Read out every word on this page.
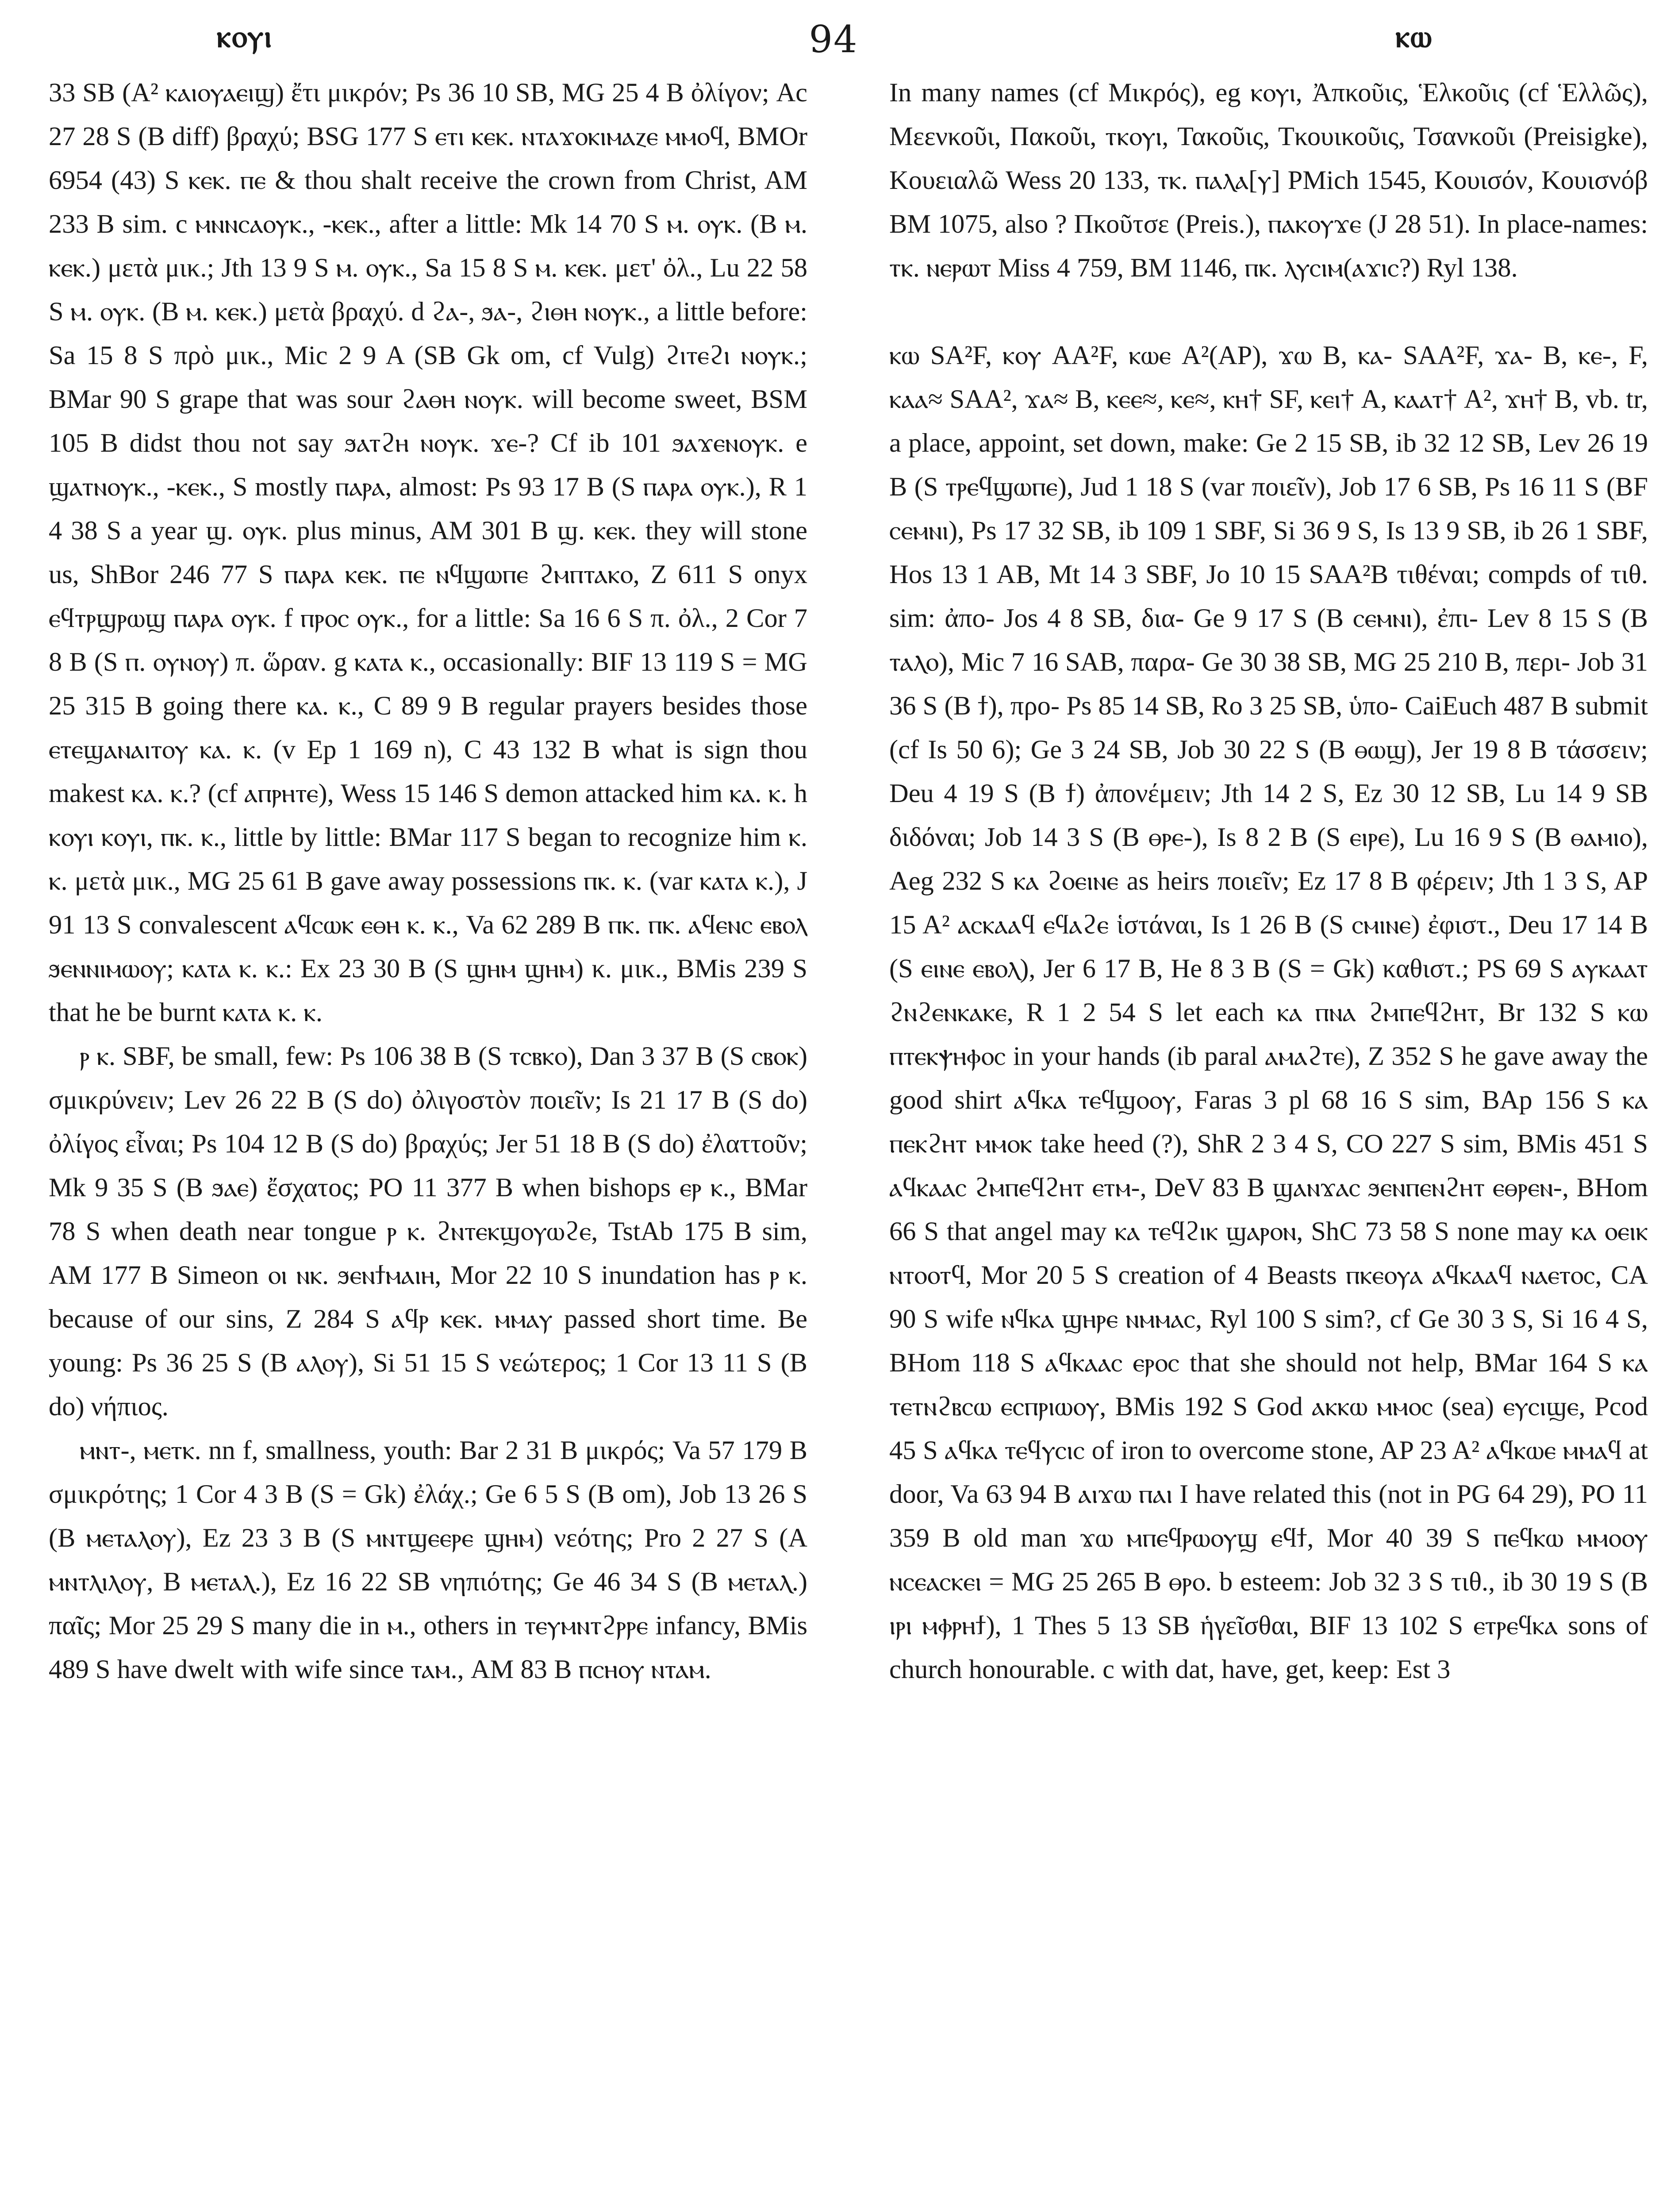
94
ⲕⲟⲩⲓ	ⲕⲱ

33 SB (A² ⲕⲁⲓⲟⲩⲁⲉⲓϣ) ἔτι μικρόν; Ps 36 10 SB, MG 25 4 B ὀλίγον; Ac 27 28 S (B diff) βραχύ; BSG 177 S ⲉⲧⲓ ⲕⲉⲕ. ⲛⲧⲁϫⲟⲕⲓⲙⲁⲍⲉ ⲙⲙⲟϥ, BMOr 6954 (43) S ⲕⲉⲕ. ⲡⲉ & thou shalt receive the crown from Christ, AM 233 B sim. c ⲙⲛⲛⲥⲁⲟⲩⲕ., -ⲕⲉⲕ., after a little: Mk 14 70 S ⲙ. ⲟⲩⲕ. (B ⲙ. ⲕⲉⲕ.) μετὰ μικ.; Jth 13 9 S ⲙ. ⲟⲩⲕ., Sa 15 8 S ⲙ. ⲕⲉⲕ. μετ' ὀλ., Lu 22 58 S ⲙ. ⲟⲩⲕ. (B ⲙ. ⲕⲉⲕ.) μετὰ βραχύ. d ϩⲁ-, ϧⲁ-, ϩⲓⲑⲏ ⲛⲟⲩⲕ., a little before: Sa 15 8 S πρὸ μικ., Mic 2 9 A (SB Gk om, cf Vulg) ϩⲓⲧⲉϩⲓ ⲛⲟⲩⲕ.; BMar 90 S grape that was sour ϩⲁⲑⲏ ⲛⲟⲩⲕ. will become sweet, BSM 105 B didst thou not say ϧⲁⲧϩⲏ ⲛⲟⲩⲕ. ϫⲉ-? Cf ib 101 ϧⲁϫⲉⲛⲟⲩⲕ. e ϣⲁⲧⲛⲟⲩⲕ., -ⲕⲉⲕ., S mostly ⲡⲁⲣⲁ, almost: Ps 93 17 B (S ⲡⲁⲣⲁ ⲟⲩⲕ.), R 1 4 38 S a year ϣ. ⲟⲩⲕ. plus minus, AM 301 B ϣ. ⲕⲉⲕ. they will stone us, ShBor 246 77 S ⲡⲁⲣⲁ ⲕⲉⲕ. ⲡⲉ ⲛϥϣⲱⲡⲉ ϩⲙⲡⲧⲁⲕⲟ, Z 611 S onyx ⲉϥⲧⲣϣⲣⲱϣ ⲡⲁⲣⲁ ⲟⲩⲕ. f ⲡⲣⲟⲥ ⲟⲩⲕ., for a little: Sa 16 6 S π. ὀλ., 2 Cor 7 8 B (S ⲡ. ⲟⲩⲛⲟⲩ) π. ὥραν. g ⲕⲁⲧⲁ ⲕ., occasionally: BIF 13 119 S = MG 25 315 B going there ⲕⲁ. ⲕ., C 89 9 B regular prayers besides those ⲉⲧⲉϣⲁⲛⲁⲓⲧⲟⲩ ⲕⲁ. ⲕ. (v Ep 1 169 n), C 43 132 B what is sign thou makest ⲕⲁ. ⲕ.? (cf ⲁⲡⲣⲏⲧⲉ), Wess 15 146 S demon attacked him ⲕⲁ. ⲕ. h ⲕⲟⲩⲓ ⲕⲟⲩⲓ, ⲡⲕ. ⲕ., little by little: BMar 117 S began to recognize him ⲕ. ⲕ. μετὰ μικ., MG 25 61 B gave away possessions ⲡⲕ. ⲕ. (var ⲕⲁⲧⲁ ⲕ.), J 91 13 S convalescent ⲁϥⲥⲱⲕ ⲉⲑⲏ ⲕ. ⲕ., Va 62 289 B ⲡⲕ. ⲡⲕ. ⲁϥⲉⲛⲥ ⲉⲃⲟⲗ ϧⲉⲛⲛⲓⲙⲱⲟⲩ; ⲕⲁⲧⲁ ⲕ. ⲕ.: Ex 23 30 B (S ϣⲏⲙ ϣⲏⲙ) κ. μικ., BMis 239 S that he be burnt ⲕⲁⲧⲁ ⲕ. ⲕ.

ⲣ ⲕ. SBF, be small, few: Ps 106 38 B (S ⲧⲥⲃⲕⲟ), Dan 3 37 B (S ⲥⲃⲟⲕ) σμικρύνειν; Lev 26 22 B (S do) ὀλιγοστὸν ποιεῖν; Is 21 17 B (S do) ὀλίγος εἶναι; Ps 104 12 B (S do) βραχύς; Jer 51 18 B (S do) ἐλαττοῦν; Mk 9 35 S (B ϧⲁⲉ) ἔσχατος; PO 11 377 B when bishops ⲉⲣ ⲕ., BMar 78 S when death near tongue ⲣ ⲕ. ϩⲛⲧⲉⲕϣⲟⲩⲱϩⲉ, TstAb 175 B sim, AM 177 B Simeon ⲟⲓ ⲛⲕ. ϧⲉⲛϯⲙⲁⲓⲏ, Mor 22 10 S inundation has ⲣ ⲕ. because of our sins, Z 284 S ⲁϥⲣ ⲕⲉⲕ. ⲙⲙⲁⲩ passed short time. Be young: Ps 36 25 S (B ⲁⲗⲟⲩ), Si 51 15 S νεώτερος; 1 Cor 13 11 S (B do) νήπιος.

ⲙⲛⲧ-, ⲙⲉⲧⲕ. nn f, smallness, youth: Bar 2 31 B μικρός; Va 57 179 B σμικρότης; 1 Cor 4 3 B (S = Gk) ἐλάχ.; Ge 6 5 S (B om), Job 13 26 S (B ⲙⲉⲧⲁⲗⲟⲩ), Ez 23 3 B (S ⲙⲛⲧϣⲉⲉⲣⲉ ϣⲏⲙ) νεότης; Pro 2 27 S (A ⲙⲛⲧⲗⲓⲗⲟⲩ, B ⲙⲉⲧⲁⲗ.), Ez 16 22 SB νηπιότης; Ge 46 34 S (B ⲙⲉⲧⲁⲗ.) παῖς; Mor 25 29 S many die in ⲙ., others in ⲧⲉⲩⲙⲛⲧϩⲣⲣⲉ infancy, BMis 489 S have dwelt with wife since ⲧⲁⲙ., AM 83 B ⲡⲥⲏⲟⲩ ⲛⲧⲁⲙ.

In many names (cf Μικρός), eg ⲕⲟⲩⲓ, Ἀπκοῦις, Ἑλκοῦις (cf Ἑλλῶς), Μεενκοῦι, Πακοῦι, ⲧⲕⲟⲩⲓ, Τακοῦις, Τκουικοῦις, Τσανκοῦι (Preisigke), Κουειαλῶ Wess 20 133, ⲧⲕ. ⲡⲁⲗⲁ[ⲩ] PMich 1545, Κουισόν, Κουισνόβ BM 1075, also ? Πκοῦτσε (Preis.), ⲡⲁⲕⲟⲩϫⲉ (J 28 51). In place-names: ⲧⲕ. ⲛⲉⲣⲱⲧ Miss 4 759, BM 1146, ⲡⲕ. ⲗⲩⲥⲓⲙ(ⲁϫⲓⲥ?) Ryl 138.

ⲕⲱ SA²F, ⲕⲟⲩ AA²F, ⲕⲱⲉ A²(AP), ϫⲱ B, ⲕⲁ- SAA²F, ϫⲁ- B, ⲕⲉ-, F, ⲕⲁⲁ≈ SAA², ϫⲁ≈ B, ⲕⲉⲉ≈, ⲕⲉ≈, ⲕⲏ† SF, ⲕⲉⲓ† A, ⲕⲁⲁⲧ† A², ϫⲏ† B, vb. tr, a place, appoint, set down, make: Ge 2 15 SB, ib 32 12 SB, Lev 26 19 B (S ⲧⲣⲉϥϣⲱⲡⲉ), Jud 1 18 S (var ποιεῖν), Job 17 6 SB, Ps 16 11 S (BF ⲥⲉⲙⲛⲓ), Ps 17 32 SB, ib 109 1 SBF, Si 36 9 S, Is 13 9 SB, ib 26 1 SBF, Hos 13 1 AB, Mt 14 3 SBF, Jo 10 15 SAA²B τιθέναι; compds of τιθ. sim: ἀπο- Jos 4 8 SB, δια- Ge 9 17 S (B ⲥⲉⲙⲛⲓ), ἐπι- Lev 8 15 S (B ⲧⲁⲗⲟ), Mic 7 16 SAB, παρα- Ge 30 38 SB, MG 25 210 B, περι- Job 31 36 S (B ϯ), προ- Ps 85 14 SB, Ro 3 25 SB, ὑπο- CaiEuch 487 B submit (cf Is 50 6); Ge 3 24 SB, Job 30 22 S (B ⲑⲱϣ), Jer 19 8 B τάσσειν; Deu 4 19 S (B ϯ) ἀπονέμειν; Jth 14 2 S, Ez 30 12 SB, Lu 14 9 SB διδόναι; Job 14 3 S (B ⲑⲣⲉ-), Is 8 2 B (S ⲉⲓⲣⲉ), Lu 16 9 S (B ⲑⲁⲙⲓⲟ), Aeg 232 S ⲕⲁ ϩⲟⲉⲓⲛⲉ as heirs ποιεῖν; Ez 17 8 B φέρειν; Jth 1 3 S, AP 15 A² ⲁⲥⲕⲁⲁϥ ⲉϥⲁϩⲉ ἱστάναι, Is 1 26 B (S ⲥⲙⲓⲛⲉ) ἐφιστ., Deu 17 14 B (S ⲉⲓⲛⲉ ⲉⲃⲟⲗ), Jer 6 17 B, He 8 3 B (S = Gk) καθιστ.; PS 69 S ⲁⲩⲕⲁⲁⲧ ϩⲛϩⲉⲛⲕⲁⲕⲉ, R 1 2 54 S let each ⲕⲁ ⲡⲛⲁ ϩⲙⲡⲉϥϩⲏⲧ, Br 132 S ⲕⲱ ⲡⲧⲉⲕⲯⲏⲫⲟⲥ in your hands (ib paral ⲁⲙⲁϩⲧⲉ), Z 352 S he gave away the good shirt ⲁϥⲕⲁ ⲧⲉϥϣⲟⲟⲩ, Faras 3 pl 68 16 S sim, BAp 156 S ⲕⲁ ⲡⲉⲕϩⲏⲧ ⲙⲙⲟⲕ take heed (?), ShR 2 3 4 S, CO 227 S sim, BMis 451 S ⲁϥⲕⲁⲁⲥ ϩⲙⲡⲉϥϩⲏⲧ ⲉⲧⲙ-, DeV 83 B ϣⲁⲛϫⲁⲥ ϧⲉⲛⲡⲉⲛϩⲏⲧ ⲉⲑⲣⲉⲛ-, BHom 66 S that angel may ⲕⲁ ⲧⲉϥϩⲓⲕ ϣⲁⲣⲟⲛ, ShC 73 58 S none may ⲕⲁ ⲟⲉⲓⲕ ⲛⲧⲟⲟⲧϥ, Mor 20 5 S creation of 4 Beasts ⲡⲕⲉⲟⲩⲁ ⲁϥⲕⲁⲁϥ ⲛⲁⲉⲧⲟⲥ, CA 90 S wife ⲛϥⲕⲁ ϣⲏⲣⲉ ⲛⲙⲙⲁⲥ, Ryl 100 S sim?, cf Ge 30 3 S, Si 16 4 S, BHom 118 S ⲁϥⲕⲁⲁⲥ ⲉⲣⲟⲥ that she should not help, BMar 164 S ⲕⲁ ⲧⲉⲧⲛϩⲃⲥⲱ ⲉⲥⲡⲣⲓⲱⲟⲩ, BMis 192 S God ⲁⲕⲕⲱ ⲙⲙⲟⲥ (sea) ⲉⲩⲥⲓϣⲉ, Pcod 45 S ⲁϥⲕⲁ ⲧⲉϥⲩⲥⲓⲥ of iron to overcome stone, AP 23 A² ⲁϥⲕⲱⲉ ⲙⲙⲁϥ at door, Va 63 94 B ⲁⲓϫⲱ ⲡⲁⲓ I have related this (not in PG 64 29), PO 11 359 B old man ϫⲱ ⲙⲡⲉϥⲣⲱⲟⲩϣ ⲉϥϯ, Mor 40 39 S ⲡⲉϥⲕⲱ ⲙⲙⲟⲟⲩ ⲛⲥⲉⲁⲥⲕⲉⲓ = MG 25 265 B ⲑⲣⲟ. b esteem: Job 32 3 S τιθ., ib 30 19 S (B ⲓⲣⲓ ⲙⲫⲣⲏϯ), 1 Thes 5 13 SB ἡγεῖσθαι, BIF 13 102 S ⲉⲧⲣⲉϥⲕⲁ sons of church honourable. c with dat, have, get, keep: Est 3
